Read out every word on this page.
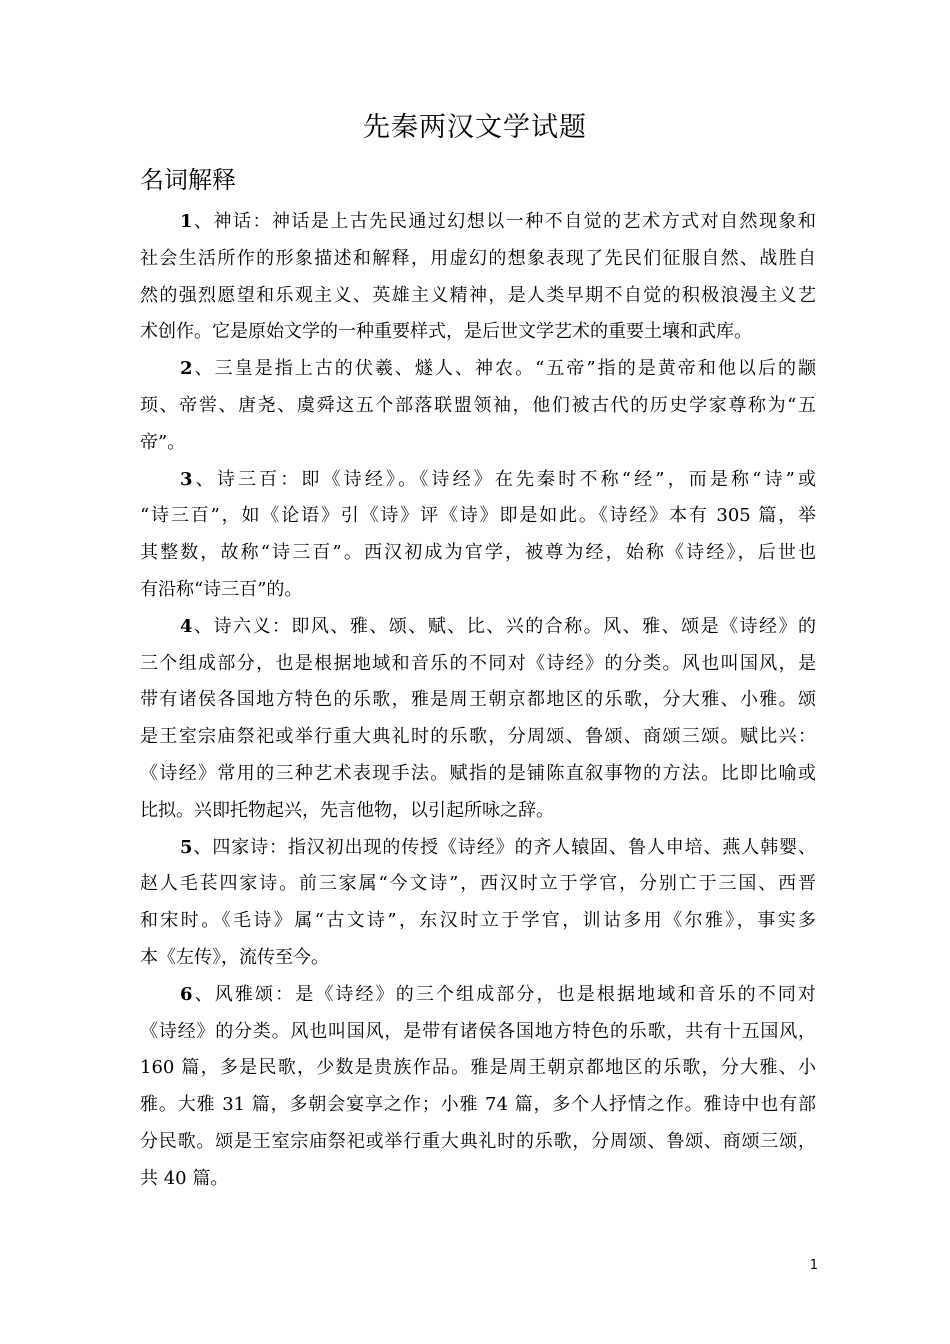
先秦两汉文学试题
名词解释

1、神话：神话是上古先民通过幻想以一种不自觉的艺术方式对自然现象和
社会生活所作的形象描述和解释，用虚幻的想象表现了先民们征服自然、战胜自
然的强烈愿望和乐观主义、英雄主义精神，是人类早期不自觉的积极浪漫主义艺
术创作。它是原始文学的一种重要样式，是后世文学艺术的重要土壤和武库。

2、三皇是指上古的伏羲、燧人、神农。“五帝”指的是黄帝和他以后的颛
顼、帝喾、唐尧、虞舜这五个部落联盟领袖，他们被古代的历史学家尊称为“五
帝”。

3、诗三百：即《诗经》。《诗经》在先秦时不称“经”，而是称“诗”或
“诗三百”，如《论语》引《诗》评《诗》即是如此。《诗经》本有 305 篇，举
其整数，故称“诗三百”。西汉初成为官学，被尊为经，始称《诗经》，后世也
有沿称“诗三百”的。

4、诗六义：即风、雅、颂、赋、比、兴的合称。风、雅、颂是《诗经》的
三个组成部分，也是根据地域和音乐的不同对《诗经》的分类。风也叫国风，是
带有诸侯各国地方特色的乐歌，雅是周王朝京都地区的乐歌，分大雅、小雅。颂
是王室宗庙祭祀或举行重大典礼时的乐歌，分周颂、鲁颂、商颂三颂。赋比兴：
《诗经》常用的三种艺术表现手法。赋指的是铺陈直叙事物的方法。比即比喻或
比拟。兴即托物起兴，先言他物，以引起所咏之辞。

5、四家诗：指汉初出现的传授《诗经》的齐人辕固、鲁人申培、燕人韩婴、
赵人毛苌四家诗。前三家属“今文诗”，西汉时立于学官，分别亡于三国、西晋
和宋时。《毛诗》属“古文诗”，东汉时立于学官，训诂多用《尔雅》，事实多
本《左传》，流传至今。

6、风雅颂：是《诗经》的三个组成部分，也是根据地域和音乐的不同对
《诗经》的分类。风也叫国风，是带有诸侯各国地方特色的乐歌，共有十五国风，
160 篇，多是民歌，少数是贵族作品。雅是周王朝京都地区的乐歌，分大雅、小
雅。大雅 31 篇，多朝会宴享之作；小雅 74 篇，多个人抒情之作。雅诗中也有部
分民歌。颂是王室宗庙祭祀或举行重大典礼时的乐歌，分周颂、鲁颂、商颂三颂，
共 40 篇。

1
